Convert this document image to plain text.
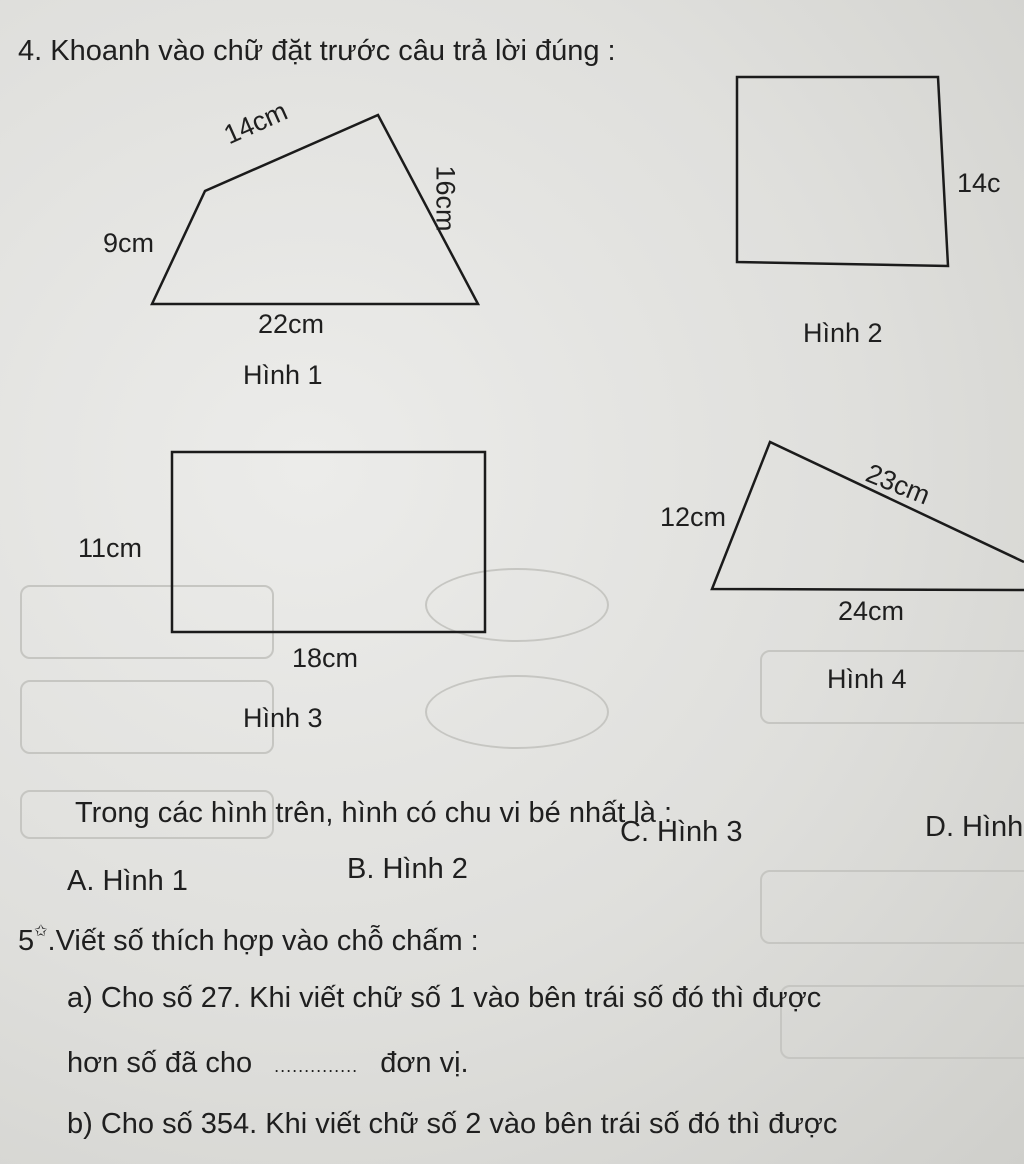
4. Khoanh vào chữ đặt trước câu trả lời đúng :
14cm
16cm
9cm
22cm
Hình 1
14c
Hình 2
11cm
18cm
Hình 3
23cm
12cm
24cm
Hình 4
Trong các hình trên, hình có chu vi bé nhất là :
A. Hình 1	B. Hình 2
C. Hình 3	D. Hình
5✩.Viết số thích hợp vào chỗ chấm :
a) Cho số 27. Khi viết chữ số 1 vào bên trái số đó thì được
hơn số đã cho .............. đơn vị.
b) Cho số 354. Khi viết chữ số 2 vào bên trái số đó thì được
